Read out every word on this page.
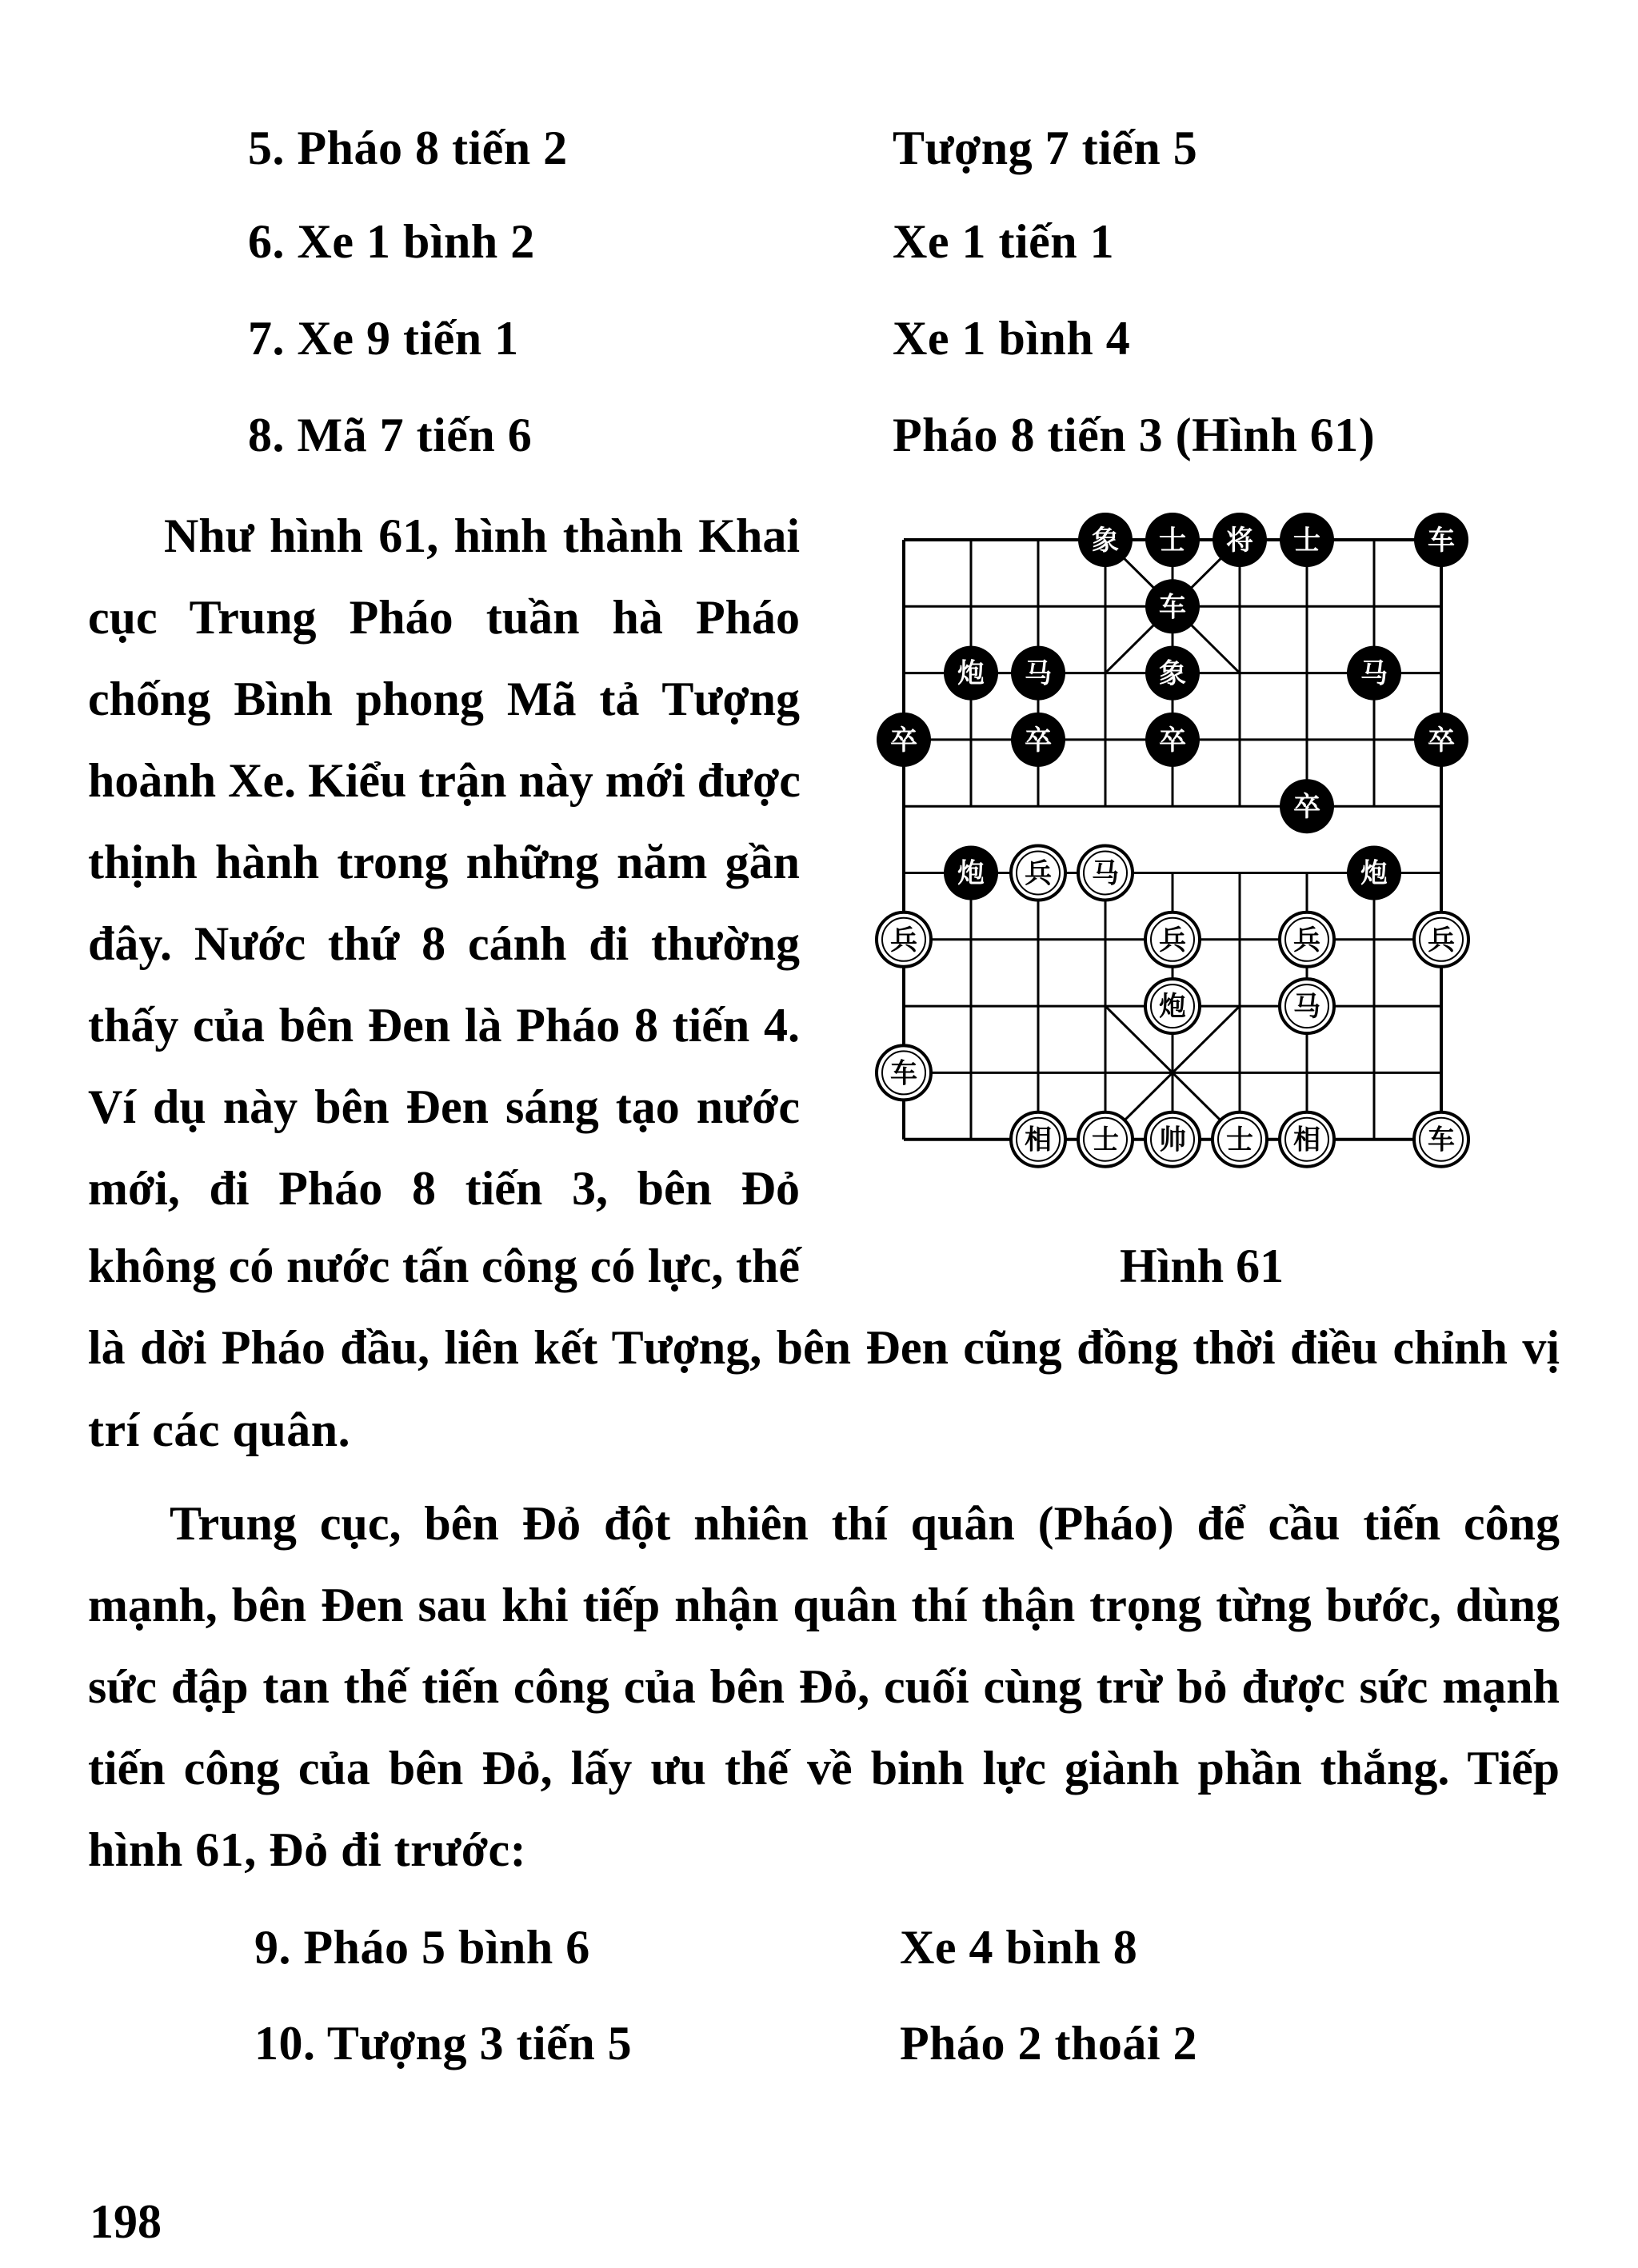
5. Pháo 8 tiến 2	Tượng 7 tiến 5
6. Xe 1 bình 2	Xe 1 tiến 1
7. Xe 9 tiến 1	Xe 1 bình 4
8. Mã 7 tiến 6	Pháo 8 tiến 3 (Hình 61)
Như hình 61, hình thành Khai
cục Trung Pháo tuần hà Pháo
chống Bình phong Mã tả Tượng
hoành Xe. Kiểu trận này mới được
thịnh hành trong những năm gần
đây. Nước thứ 8 cánh đi thường
thấy của bên Đen là Pháo 8 tiến 4.
Ví dụ này bên Đen sáng tạo nước
mới, đi Pháo 8 tiến 3, bên Đỏ
không có nước tấn công có lực, thế
là dời Pháo đầu, liên kết Tượng, bên Đen cũng đồng thời điều chỉnh vị
trí các quân.
Trung cục, bên Đỏ đột nhiên thí quân (Pháo) để cầu tiến công
mạnh, bên Đen sau khi tiếp nhận quân thí thận trọng từng bước, dùng
sức đập tan thế tiến công của bên Đỏ, cuối cùng trừ bỏ được sức mạnh
tiến công của bên Đỏ, lấy ưu thế về binh lực giành phần thắng. Tiếp
hình 61, Đỏ đi trước:
9. Pháo 5 bình 6	Xe 4 bình 8
10. Tượng 3 tiến 5	Pháo 2 thoái 2
象 士 将 士	车
车
炮 马	象	马
卒	卒	卒	卒
卒
炮	炮
兵 马
兵	兵	兵	兵
炮	马
车
相 士 帅 士 相	车
Hình 61
198
